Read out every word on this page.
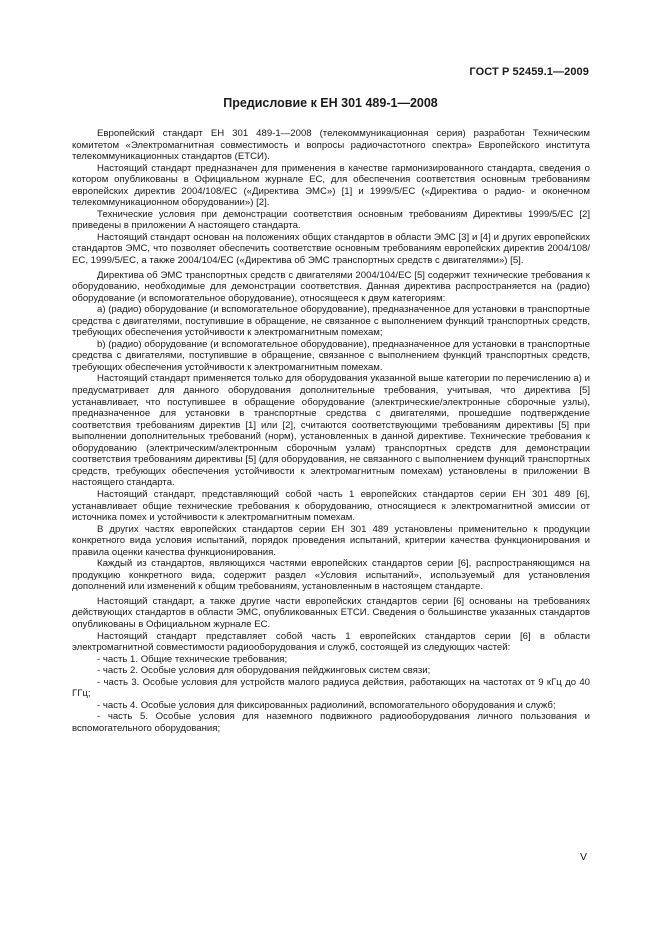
ГОСТ Р 52459.1—2009
Предисловие к ЕН 301 489-1—2008

Европейский стандарт ЕН 301 489-1—2008 (телекоммуникационная серия) разработан Техническим комитетом «Электромагнитная совместимость и вопросы радиочастотного спектра» Европейского института телекоммуникационных стандартов (ЕТСИ).

Настоящий стандарт предназначен для применения в качестве гармонизированного стандарта, сведения о котором опубликованы в Официальном журнале ЕС, для обеспечения соответствия основным требованиям европейских директив 2004/108/ЕС («Директива ЭМС») [1] и 1999/5/ЕС («Директива о радио- и оконечном телекоммуникационном оборудовании») [2].

Технические условия при демонстрации соответствия основным требованиям Директивы 1999/5/ЕС [2] приведены в приложении А настоящего стандарта.

Настоящий стандарт основан на положениях общих стандартов в области ЭМС [3] и [4] и других европейских стандартов ЭМС, что позволяет обеспечить соответствие основным требованиям европейских директив 2004/108/ЕС, 1999/5/ЕС, а также 2004/104/ЕС («Директива об ЭМС транспортных средств с двигателями») [5].

Директива об ЭМС транспортных средств с двигателями 2004/104/ЕС [5] содержит технические требования к оборудованию, необходимые для демонстрации соответствия. Данная директива распространяется на (радио) оборудование (и вспомогательное оборудование), относящееся к двум категориям:

а) (радио) оборудование (и вспомогательное оборудование), предназначенное для установки в транспортные средства с двигателями, поступившие в обращение, не связанное с выполнением функций транспортных средств, требующих обеспечения устойчивости к электромагнитным помехам;

b) (радио) оборудование (и вспомогательное оборудование), предназначенное для установки в транспортные средства с двигателями, поступившие в обращение, связанное с выполнением функций транспортных средств, требующих обеспечения устойчивости к электромагнитным помехам.

Настоящий стандарт применяется только для оборудования указанной выше категории по перечислению а) и предусматривает для данного оборудования дополнительные требования, учитывая, что директива [5] устанавливает, что поступившее в обращение оборудование (электрические/электронные сборочные узлы), предназначенное для установки в транспортные средства с двигателями, прошедшие подтверждение соответствия требованиям директив [1] или [2], считаются соответствующими требованиям директивы [5] при выполнении дополнительных требований (норм), установленных в данной директиве. Технические требования к оборудованию (электрическим/электронным сборочным узлам) транспортных средств для демонстрации соответствия требованиям директивы [5] (для оборудования, не связанного с выполнением функций транспортных средств, требующих обеспечения устойчивости к электромагнитным помехам) установлены в приложении В настоящего стандарта.

Настоящий стандарт, представляющий собой часть 1 европейских стандартов серии ЕН 301 489 [6], устанавливает общие технические требования к оборудованию, относящиеся к электромагнитной эмиссии от источника помех и устойчивости к электромагнитным помехам.

В других частях европейских стандартов серии ЕН 301 489 установлены применительно к продукции конкретного вида условия испытаний, порядок проведения испытаний, критерии качества функционирования и правила оценки качества функционирования.

Каждый из стандартов, являющихся частями европейских стандартов серии [6], распространяющимся на продукцию конкретного вида, содержит раздел «Условия испытаний», используемый для установления дополнений или изменений к общим требованиям, установленным в настоящем стандарте.

Настоящий стандарт, а также другие части европейских стандартов серии [6] основаны на требованиях действующих стандартов в области ЭМС, опубликованных ЕТСИ. Сведения о большинстве указанных стандартов опубликованы в Официальном журнале ЕС.

Настоящий стандарт представляет собой часть 1 европейских стандартов серии [6] в области электромагнитной совместимости радиооборудования и служб, состоящей из следующих частей:

- часть 1. Общие технические требования;

- часть 2. Особые условия для оборудования пейджинговых систем связи;

- часть 3. Особые условия для устройств малого радиуса действия, работающих на частотах от 9 кГц до 40 ГГц;

- часть 4. Особые условия для фиксированных радиолиний, вспомогательного оборудования и служб;

- часть 5. Особые условия для наземного подвижного радиооборудования личного пользования и вспомогательного оборудования;

V
